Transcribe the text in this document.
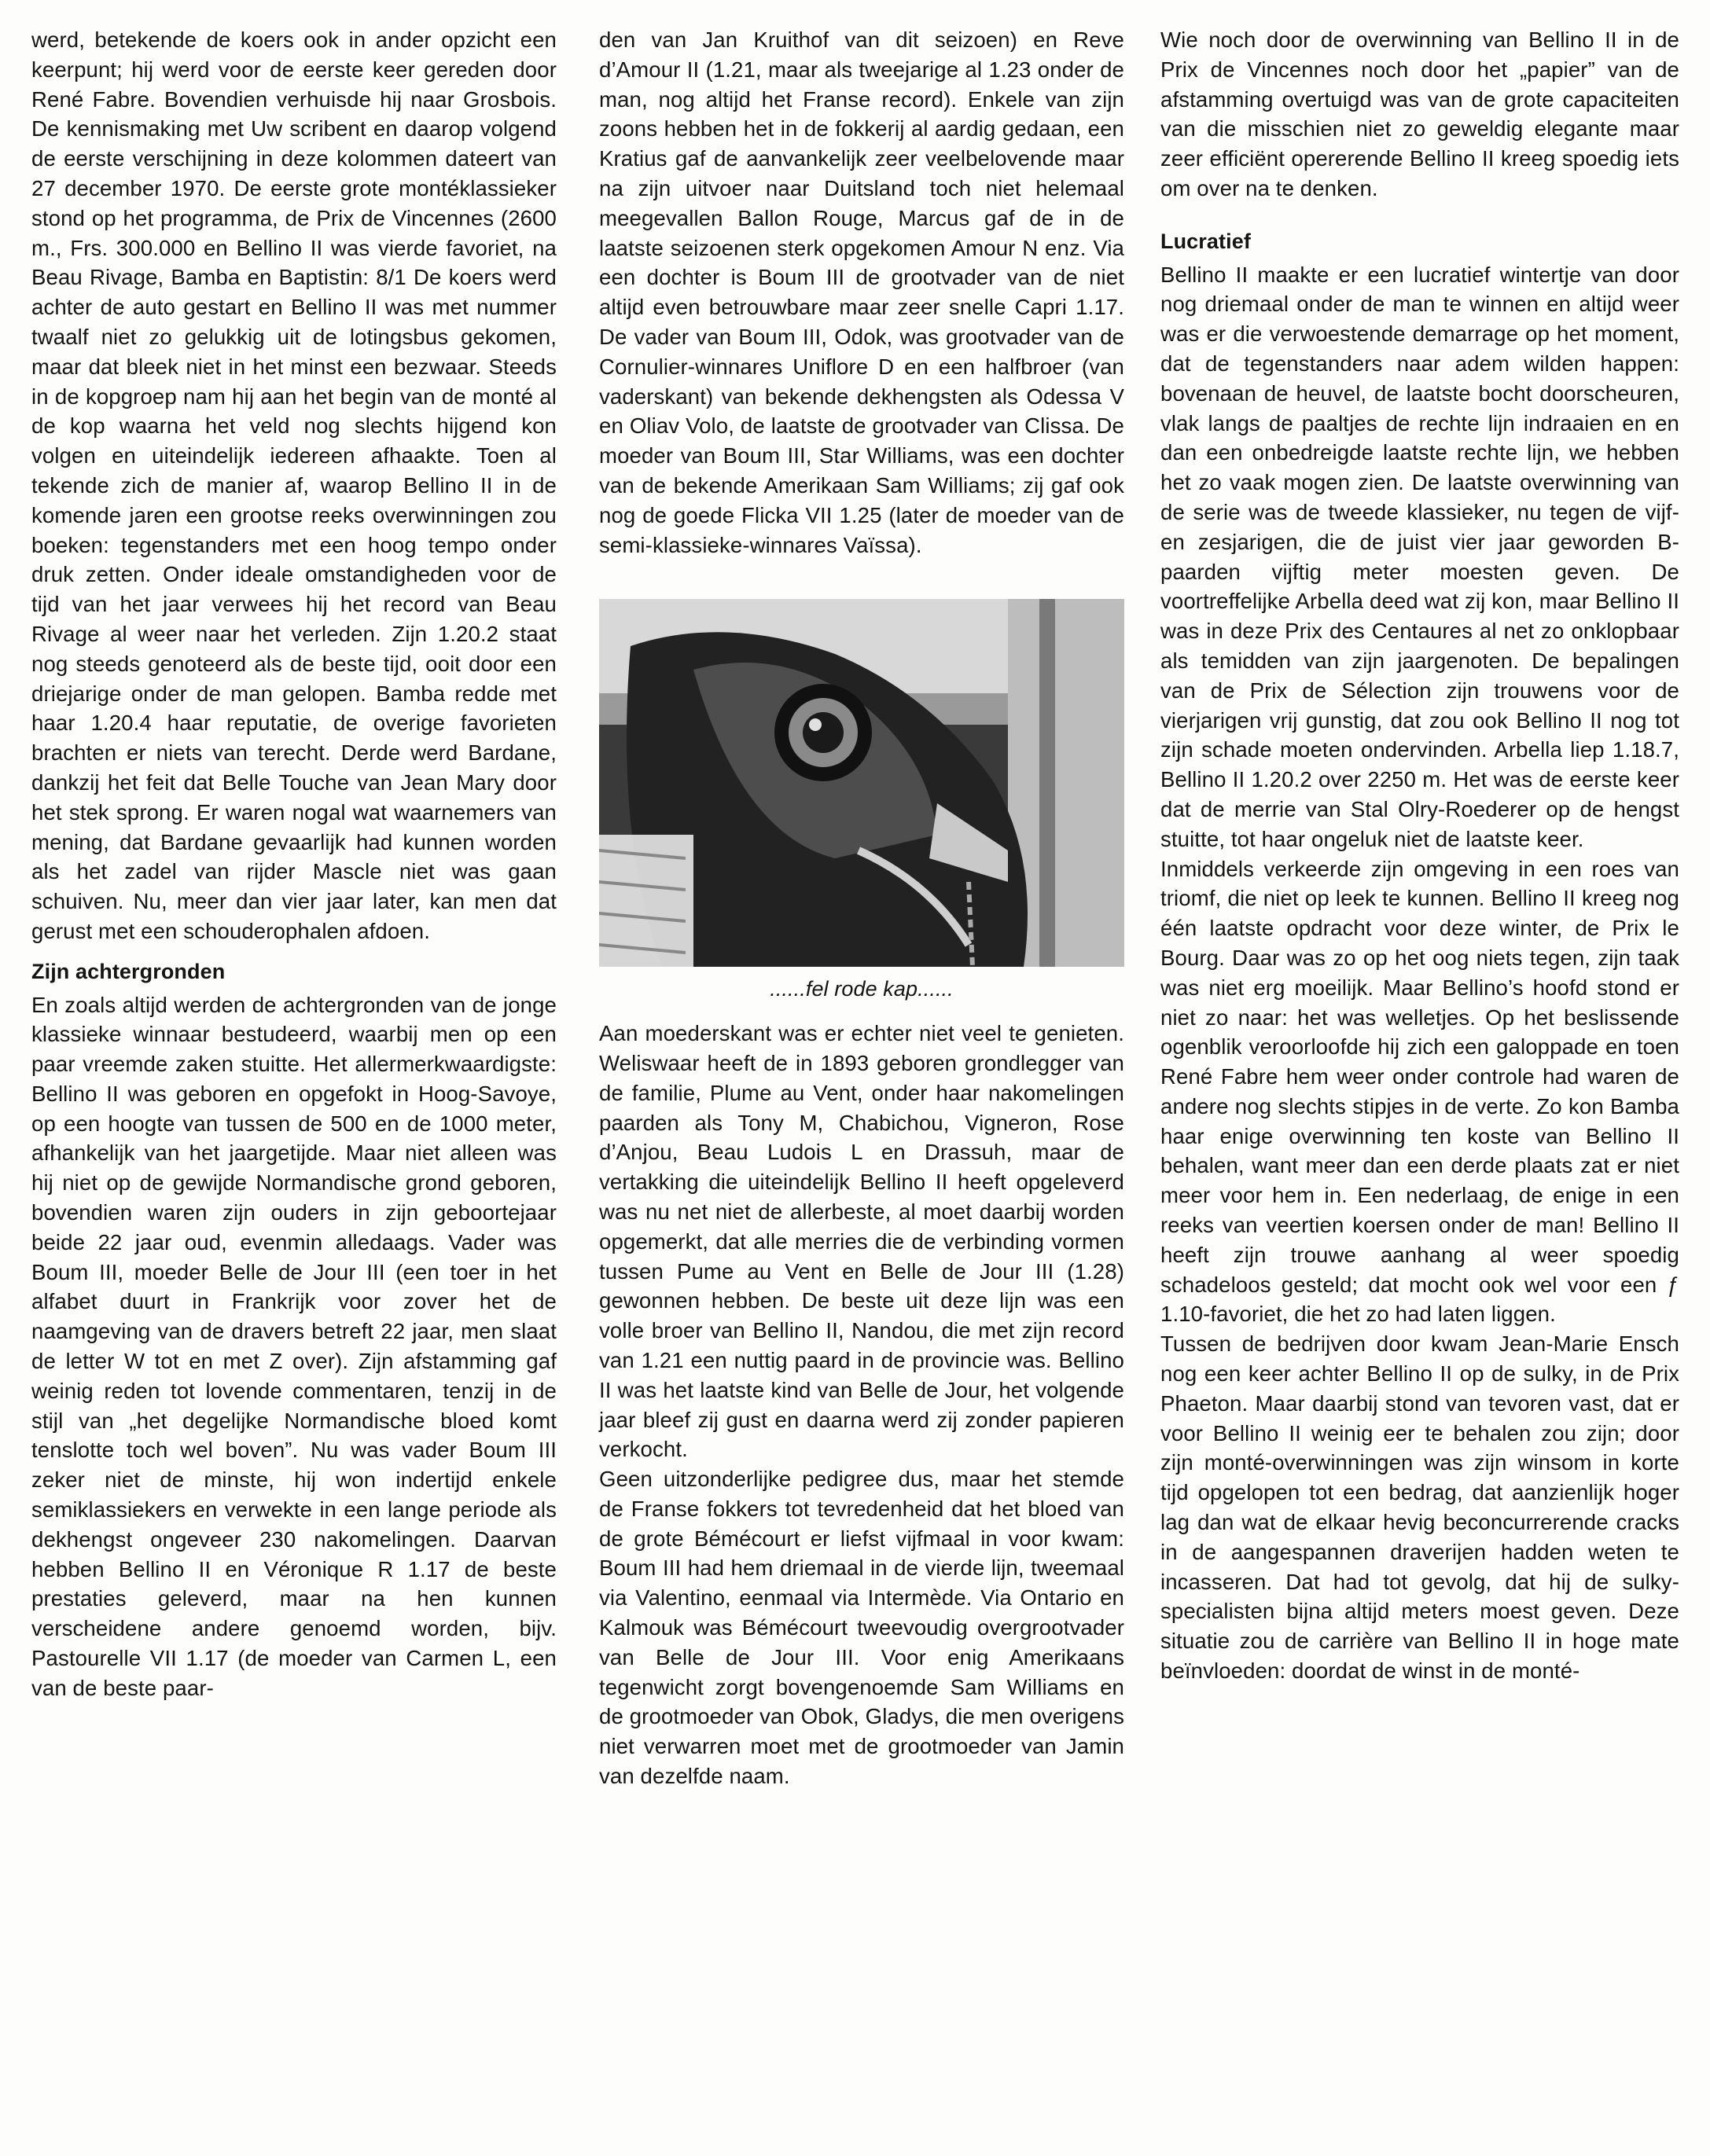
werd, betekende de koers ook in ander opzicht een keerpunt; hij werd voor de eerste keer gereden door René Fabre. Bovendien verhuisde hij naar Grosbois. De kennismaking met Uw scribent en daarop volgend de eerste verschijning in deze kolommen dateert van 27 december 1970. De eerste grote montéklassieker stond op het programma, de Prix de Vincennes (2600 m., Frs. 300.000 en Bellino II was vierde favoriet, na Beau Rivage, Bamba en Baptistin: 8/1 De koers werd achter de auto gestart en Bellino II was met nummer twaalf niet zo gelukkig uit de lotingsbus gekomen, maar dat bleek niet in het minst een bezwaar. Steeds in de kopgroep nam hij aan het begin van de monté al de kop waarna het veld nog slechts hijgend kon volgen en uiteindelijk iedereen afhaakte. Toen al tekende zich de manier af, waarop Bellino II in de komende jaren een grootse reeks overwinningen zou boeken: tegenstanders met een hoog tempo onder druk zetten. Onder ideale omstandigheden voor de tijd van het jaar verwees hij het record van Beau Rivage al weer naar het verleden. Zijn 1.20.2 staat nog steeds genoteerd als de beste tijd, ooit door een driejarige onder de man gelopen. Bamba redde met haar 1.20.4 haar reputatie, de overige favorieten brachten er niets van terecht. Derde werd Bardane, dankzij het feit dat Belle Touche van Jean Mary door het stek sprong. Er waren nogal wat waarnemers van mening, dat Bardane gevaarlijk had kunnen worden als het zadel van rijder Mascle niet was gaan schuiven. Nu, meer dan vier jaar later, kan men dat gerust met een schouderophalen afdoen.

Zijn achtergronden

En zoals altijd werden de achtergronden van de jonge klassieke winnaar bestudeerd, waarbij men op een paar vreemde zaken stuitte. Het allermerkwaardigste: Bellino II was geboren en opgefokt in Hoog-Savoye, op een hoogte van tussen de 500 en de 1000 meter, afhankelijk van het jaargetijde. Maar niet alleen was hij niet op de gewijde Normandische grond geboren, bovendien waren zijn ouders in zijn geboortejaar beide 22 jaar oud, evenmin alledaags. Vader was Boum III, moeder Belle de Jour III (een toer in het alfabet duurt in Frankrijk voor zover het de naamgeving van de dravers betreft 22 jaar, men slaat de letter W tot en met Z over). Zijn afstamming gaf weinig reden tot lovende commentaren, tenzij in de stijl van „het degelijke Normandische bloed komt tenslotte toch wel boven”. Nu was vader Boum III zeker niet de minste, hij won indertijd enkele semiklassiekers en verwekte in een lange periode als dekhengst ongeveer 230 nakomelingen. Daarvan hebben Bellino II en Véronique R 1.17 de beste prestaties geleverd, maar na hen kunnen verscheidene andere genoemd worden, bijv. Pastourelle VII 1.17 (de moeder van Carmen L, een van de beste paar-

den van Jan Kruithof van dit seizoen) en Reve d’Amour II (1.21, maar als tweejarige al 1.23 onder de man, nog altijd het Franse record). Enkele van zijn zoons hebben het in de fokkerij al aardig gedaan, een Kratius gaf de aanvankelijk zeer veelbelovende maar na zijn uitvoer naar Duitsland toch niet helemaal meegevallen Ballon Rouge, Marcus gaf de in de laatste seizoenen sterk opgekomen Amour N enz. Via een dochter is Boum III de grootvader van de niet altijd even betrouwbare maar zeer snelle Capri 1.17. De vader van Boum III, Odok, was grootvader van de Cornulier-winnares Uniflore D en een halfbroer (van vaderskant) van bekende dekhengsten als Odessa V en Oliav Volo, de laatste de grootvader van Clissa. De moeder van Boum III, Star Williams, was een dochter van de bekende Amerikaan Sam Williams; zij gaf ook nog de goede Flicka VII 1.25 (later de moeder van de semi-klassieke-winnares Vaïssa).

......fel rode kap......

Aan moederskant was er echter niet veel te genieten. Weliswaar heeft de in 1893 geboren grondlegger van de familie, Plume au Vent, onder haar nakomelingen paarden als Tony M, Chabichou, Vigneron, Rose d’Anjou, Beau Ludois L en Drassuh, maar de vertakking die uiteindelijk Bellino II heeft opgeleverd was nu net niet de allerbeste, al moet daarbij worden opgemerkt, dat alle merries die de verbinding vormen tussen Pume au Vent en Belle de Jour III (1.28) gewonnen hebben. De beste uit deze lijn was een volle broer van Bellino II, Nandou, die met zijn record van 1.21 een nuttig paard in de provincie was. Bellino II was het laatste kind van Belle de Jour, het volgende jaar bleef zij gust en daarna werd zij zonder papieren verkocht.

Geen uitzonderlijke pedigree dus, maar het stemde de Franse fokkers tot tevredenheid dat het bloed van de grote Bémécourt er liefst vijfmaal in voor kwam: Boum III had hem driemaal in de vierde lijn, tweemaal via Valentino, eenmaal via Intermède. Via Ontario en Kalmouk was Bémécourt tweevoudig overgrootvader van Belle de Jour III. Voor enig Amerikaans tegenwicht zorgt bovengenoemde Sam Williams en de grootmoeder van Obok, Gladys, die men overigens niet verwarren moet met de grootmoeder van Jamin van dezelfde naam.

Wie noch door de overwinning van Bellino II in de Prix de Vincennes noch door het „papier” van de afstamming overtuigd was van de grote capaciteiten van die misschien niet zo geweldig elegante maar zeer efficiënt opererende Bellino II kreeg spoedig iets om over na te denken.

Lucratief

Bellino II maakte er een lucratief wintertje van door nog driemaal onder de man te winnen en altijd weer was er die verwoestende demarrage op het moment, dat de tegenstanders naar adem wilden happen: bovenaan de heuvel, de laatste bocht doorscheuren, vlak langs de paaltjes de rechte lijn indraaien en en dan een onbedreigde laatste rechte lijn, we hebben het zo vaak mogen zien. De laatste overwinning van de serie was de tweede klassieker, nu tegen de vijf- en zesjarigen, die de juist vier jaar geworden B-paarden vijftig meter moesten geven. De voortreffelijke Arbella deed wat zij kon, maar Bellino II was in deze Prix des Centaures al net zo onklopbaar als temidden van zijn jaargenoten. De bepalingen van de Prix de Sélection zijn trouwens voor de vierjarigen vrij gunstig, dat zou ook Bellino II nog tot zijn schade moeten ondervinden. Arbella liep 1.18.7, Bellino II 1.20.2 over 2250 m. Het was de eerste keer dat de merrie van Stal Olry-Roederer op de hengst stuitte, tot haar ongeluk niet de laatste keer.

Inmiddels verkeerde zijn omgeving in een roes van triomf, die niet op leek te kunnen. Bellino II kreeg nog één laatste opdracht voor deze winter, de Prix le Bourg. Daar was zo op het oog niets tegen, zijn taak was niet erg moeilijk. Maar Bellino’s hoofd stond er niet zo naar: het was welletjes. Op het beslissende ogenblik veroorloofde hij zich een galoppade en toen René Fabre hem weer onder controle had waren de andere nog slechts stipjes in de verte. Zo kon Bamba haar enige overwinning ten koste van Bellino II behalen, want meer dan een derde plaats zat er niet meer voor hem in. Een nederlaag, de enige in een reeks van veertien koersen onder de man! Bellino II heeft zijn trouwe aanhang al weer spoedig schadeloos gesteld; dat mocht ook wel voor een ƒ 1.10-favoriet, die het zo had laten liggen.

Tussen de bedrijven door kwam Jean-Marie Ensch nog een keer achter Bellino II op de sulky, in de Prix Phaeton. Maar daarbij stond van tevoren vast, dat er voor Bellino II weinig eer te behalen zou zijn; door zijn monté-overwinningen was zijn winsom in korte tijd opgelopen tot een bedrag, dat aanzienlijk hoger lag dan wat de elkaar hevig beconcurrerende cracks in de aangespannen draverijen hadden weten te incasseren. Dat had tot gevolg, dat hij de sulky-specialisten bijna altijd meters moest geven. Deze situatie zou de carrière van Bellino II in hoge mate beïnvloeden: doordat de winst in de monté-
